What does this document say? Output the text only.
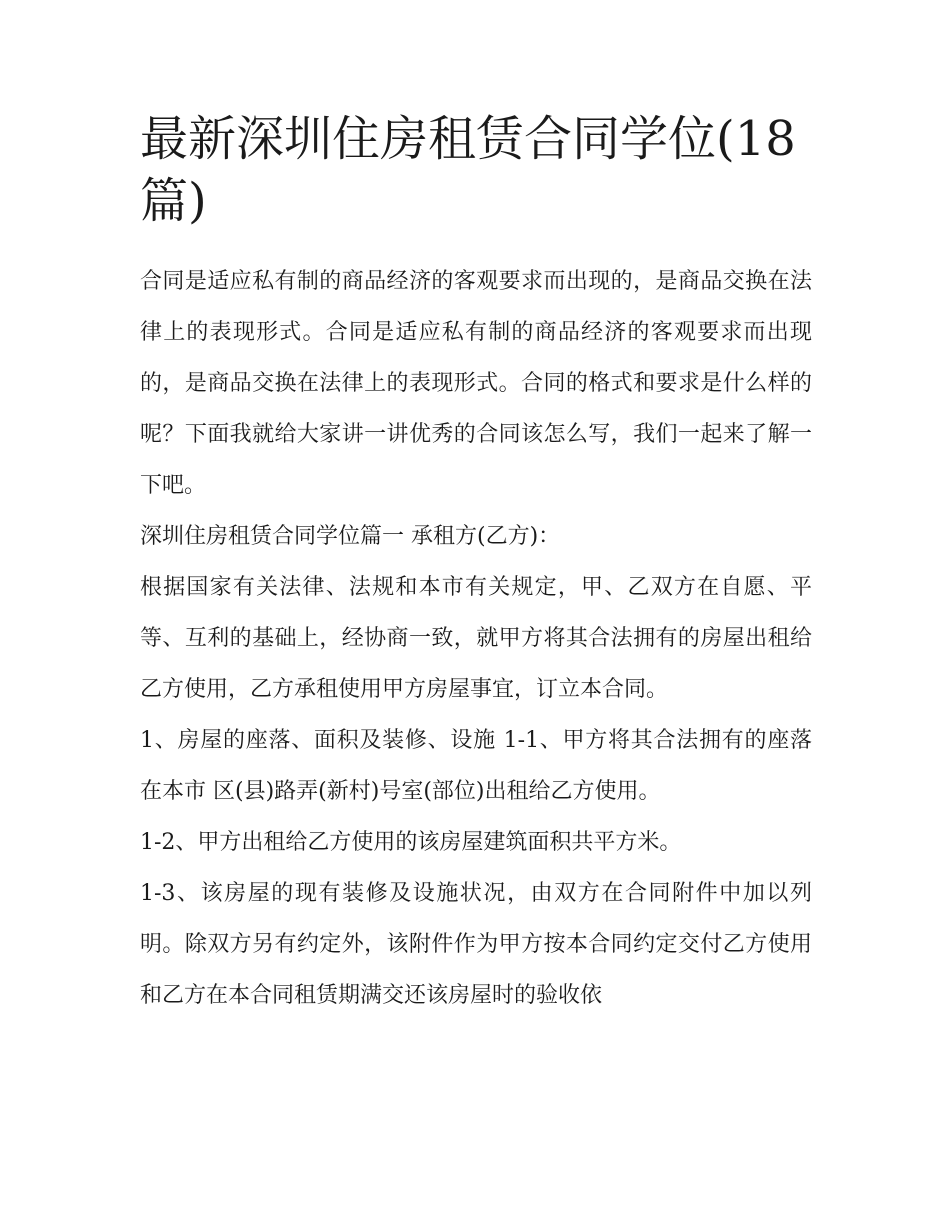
最新深圳住房租赁合同学位(18篇)

合同是适应私有制的商品经济的客观要求而出现的，是商品交换在法律上的表现形式。合同是适应私有制的商品经济的客观要求而出现的，是商品交换在法律上的表现形式。合同的格式和要求是什么样的呢？下面我就给大家讲一讲优秀的合同该怎么写，我们一起来了解一下吧。

深圳住房租赁合同学位篇一 承租方(乙方)：

根据国家有关法律、法规和本市有关规定，甲、乙双方在自愿、平等、互利的基础上，经协商一致，就甲方将其合法拥有的房屋出租给乙方使用，乙方承租使用甲方房屋事宜，订立本合同。

1、房屋的座落、面积及装修、设施 1-1、甲方将其合法拥有的座落在本市 区(县)路弄(新村)号室(部位)出租给乙方使用。

1-2、甲方出租给乙方使用的该房屋建筑面积共平方米。

1-3、该房屋的现有装修及设施状况，由双方在合同附件中加以列明。除双方另有约定外，该附件作为甲方按本合同约定交付乙方使用和乙方在本合同租赁期满交还该房屋时的验收依
